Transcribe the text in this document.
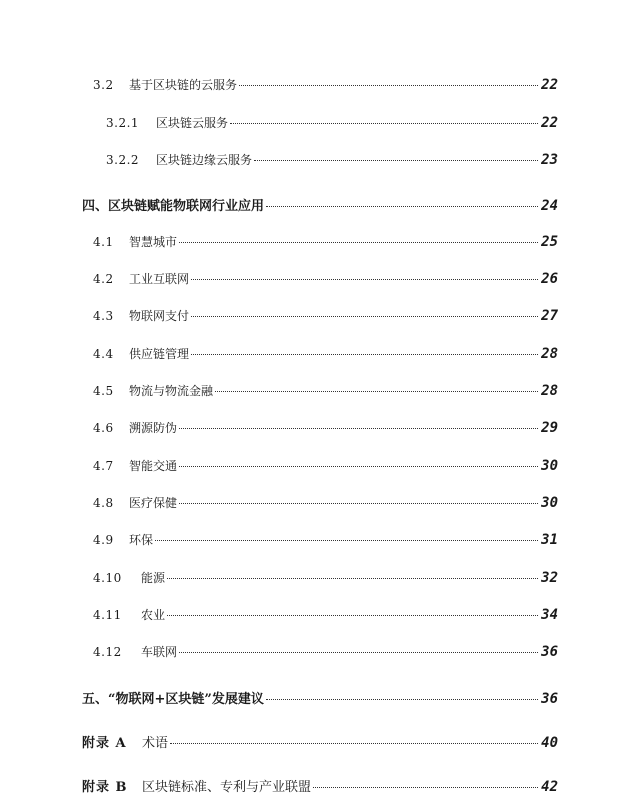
3.2	基于区块链的云服务	22
3.2.1	区块链云服务	22
3.2.2	区块链边缘云服务	23
四、区块链赋能物联网行业应用	24
4.1	智慧城市	25
4.2	工业互联网	26
4.3	物联网支付	27
4.4	供应链管理	28
4.5	物流与物流金融	28
4.6	溯源防伪	29
4.7	智能交通	30
4.8	医疗保健	30
4.9	环保	31
4.10	能源	32
4.11	农业	34
4.12	车联网	36
五、“物联网+区块链”发展建议	36
附录 A	术语	40
附录 B	区块链标准、专利与产业联盟	42
